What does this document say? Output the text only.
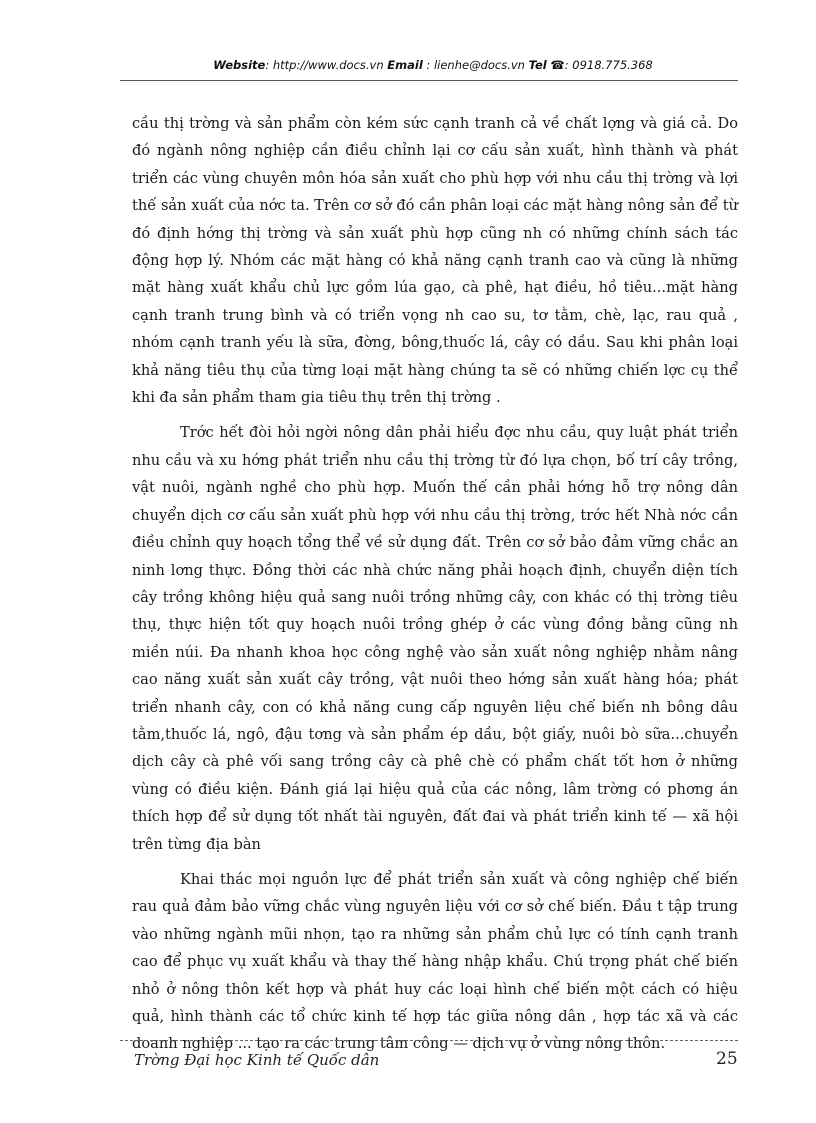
Website: http://www.docs.vn Email : lienhe@docs.vn Tel ☎: 0918.775.368

cầu thị trờng và sản phẩm còn kém sức cạnh tranh cả về chất lợng và giá cả. Do đó ngành nông nghiệp cần điều chỉnh lại cơ cấu sản xuất, hình thành và phát triển các vùng chuyên môn hóa sản xuất cho phù hợp với nhu cầu thị trờng và lợi thế sản xuất của nớc ta. Trên cơ sở đó cần phân loại các mặt hàng nông sản để từ đó định hớng thị trờng và sản xuất phù hợp cũng nh có những chính sách tác động hợp lý. Nhóm các mặt hàng có khả năng cạnh tranh cao và cũng là những mặt hàng xuất khẩu chủ lực gồm lúa gạo, cà phê, hạt điều, hồ tiêu...mặt hàng cạnh tranh trung bình và có triển vọng nh cao su, tơ tằm, chè, lạc, rau quả , nhóm cạnh tranh yếu là sữa, đờng, bông,thuốc lá, cây có dầu. Sau khi phân loại khả năng tiêu thụ của từng loại mặt hàng chúng ta sẽ có những chiến lợc cụ thể khi đa sản phẩm tham gia tiêu thụ trên thị trờng .

Trớc hết đòi hỏi ngời nông dân phải hiểu đợc nhu cầu, quy luật phát triển nhu cầu và xu hớng phát triển nhu cầu thị trờng từ đó lựa chọn, bố trí cây trồng, vật nuôi, ngành nghề cho phù hợp. Muốn thế cần phải hớng hỗ trợ nông dân chuyển dịch cơ cấu sản xuất phù hợp với nhu cầu thị trờng, trớc hết Nhà nớc cần điều chỉnh quy hoạch tổng thể về sử dụng đất. Trên cơ sở bảo đảm vững chắc an ninh lơng thực. Đồng thời các nhà chức năng phải hoạch định, chuyển diện tích cây trồng không hiệu quả sang nuôi trồng những cây, con khác có thị trờng tiêu thụ, thực hiện tốt quy hoạch nuôi trồng ghép ở các vùng đồng bằng cũng nh miền núi. Đa nhanh khoa học công nghệ vào sản xuất nông nghiệp nhằm nâng cao năng xuất sản xuất cây trồng, vật nuôi theo hớng sản xuất hàng hóa; phát triển nhanh cây, con có khả năng cung cấp nguyên liệu chế biến nh bông dâu tằm,thuốc lá, ngô, đậu tơng và sản phẩm ép dầu, bột giấy, nuôi bò sữa...chuyển dịch cây cà phê vối sang trồng cây cà phê chè có phẩm chất tốt hơn ở những vùng có điều kiện. Đánh giá lại hiệu quả của các nông, lâm trờng có phơng án thích hợp để sử dụng tốt nhất tài nguyên, đất đai và phát triển kinh tế — xã hội trên từng địa bàn

Khai thác mọi nguồn lực để phát triển sản xuất và công nghiệp chế biến rau quả đảm bảo vững chắc vùng nguyên liệu với cơ sở chế biến. Đầu t tập trung vào những ngành mũi nhọn, tạo ra những sản phẩm chủ lực có tính cạnh tranh cao để phục vụ xuất khẩu và thay thế hàng nhập khẩu. Chú trọng phát chế biến nhỏ ở nông thôn kết hợp và phát huy các loại hình chế biến một cách có hiệu quả, hình thành các tổ chức kinh tế hợp tác giữa nông dân , hợp tác xã và các doanh nghiệp ... tạo ra các trung tâm công — dịch vụ ở vùng nông thôn.

Trờng Đại học Kinh tế Quốc dân	25
